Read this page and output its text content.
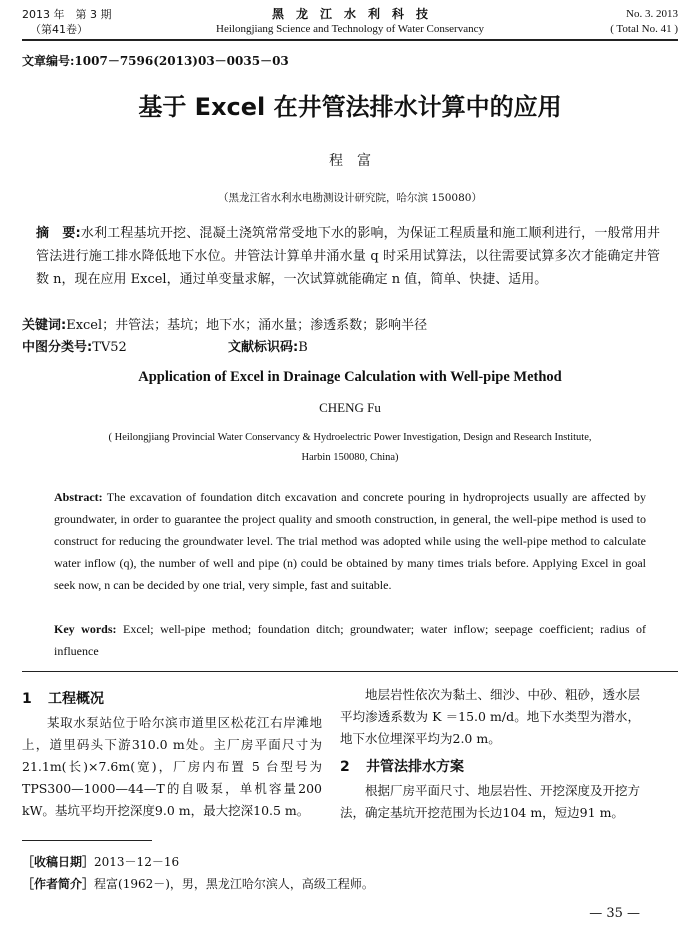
2013 年　第 3 期
（第41卷）
黑　龙　江　水　利　科　技
Heilongjiang Science and Technology of Water Conservancy
No. 3. 2013
( Total No. 41 )
文章编号:1007－7596(2013)03－0035－03
基于 Excel 在井管法排水计算中的应用
程　富
（黑龙江省水利水电勘测设计研究院，哈尔滨 150080）
摘　要:水利工程基坑开挖、混凝土浇筑常常受地下水的影响，为保证工程质量和施工顺利进行，一般常用井管法进行施工排水降低地下水位。井管法计算单井涌水量 q 时采用试算法，以往需要试算多次才能确定井管数 n，现在应用 Excel，通过单变量求解，一次试算就能确定 n 值，简单、快捷、适用。
关键词:Excel；井管法；基坑；地下水；涌水量；渗透系数；影响半径
中图分类号:TV52	文献标识码:B
Application of Excel in Drainage Calculation with Well-pipe Method
CHENG Fu
( Heilongjiang Provincial Water Conservancy & Hydroelectric Power Investigation, Design and Research Institute,
Harbin 150080, China)
Abstract: The excavation of foundation ditch excavation and concrete pouring in hydroprojects usually are affected by groundwater, in order to guarantee the project quality and smooth construction, in general, the well-pipe method is used to construct for reducing the groundwater level. The trial method was adopted while using the well-pipe method to calculate water inflow (q), the number of well and pipe (n) could be obtained by many times trials before. Applying Excel in goal seek now, n can be decided by one trial, very simple, fast and suitable.
Key words: Excel; well-pipe method; foundation ditch; groundwater; water inflow; seepage coefficient; radius of influence
1 工程概况

某取水泵站位于哈尔滨市道里区松花江右岸滩地上，道里码头下游310.0 m处。主厂房平面尺寸为21.1m(长)×7.6m(宽)，厂房内布置 5 台型号为TPS300—1000—44—T的自吸泵，单机容量200 kW。基坑平均开挖深度9.0 m，最大挖深10.5 m。

地层岩性依次为黏土、细沙、中砂、粗砂，透水层平均渗透系数为 K ＝15.0 m/d。地下水类型为潜水，地下水位埋深平均为2.0 m。

2 井管法排水方案

根据厂房平面尺寸、地层岩性、开挖深度及开挖方法，确定基坑开挖范围为长边104 m，短边91 m。

［收稿日期］2013－12－16
［作者简介］程富(1962－)，男，黑龙江哈尔滨人，高级工程师。
— 35 —
